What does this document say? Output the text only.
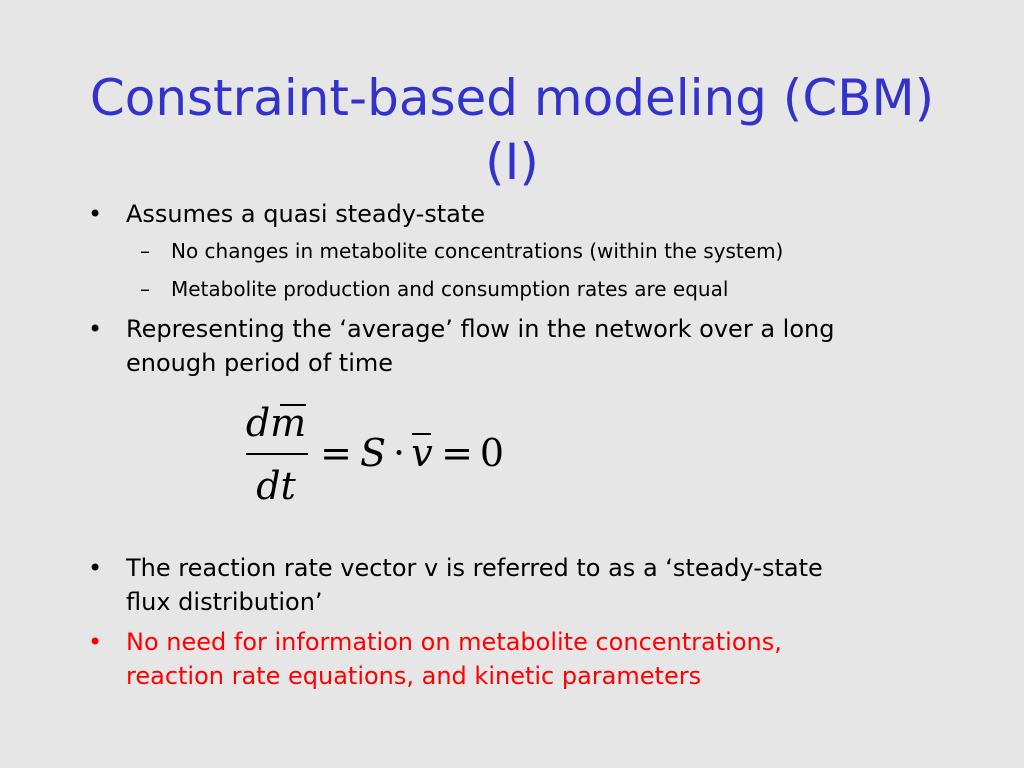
Constraint-based modeling (CBM)
(I)
• Assumes a quasi steady-state
– No changes in metabolite concentrations (within the system)
– Metabolite production and consumption rates are equal
• Representing the ‘average’ flow in the network over a long
enough period of time
• The reaction rate vector v is referred to as a ‘steady-state
flux distribution’
• No need for information on metabolite concentrations,
reaction rate equations, and kinetic parameters
dm
dt
= S · v = 0
